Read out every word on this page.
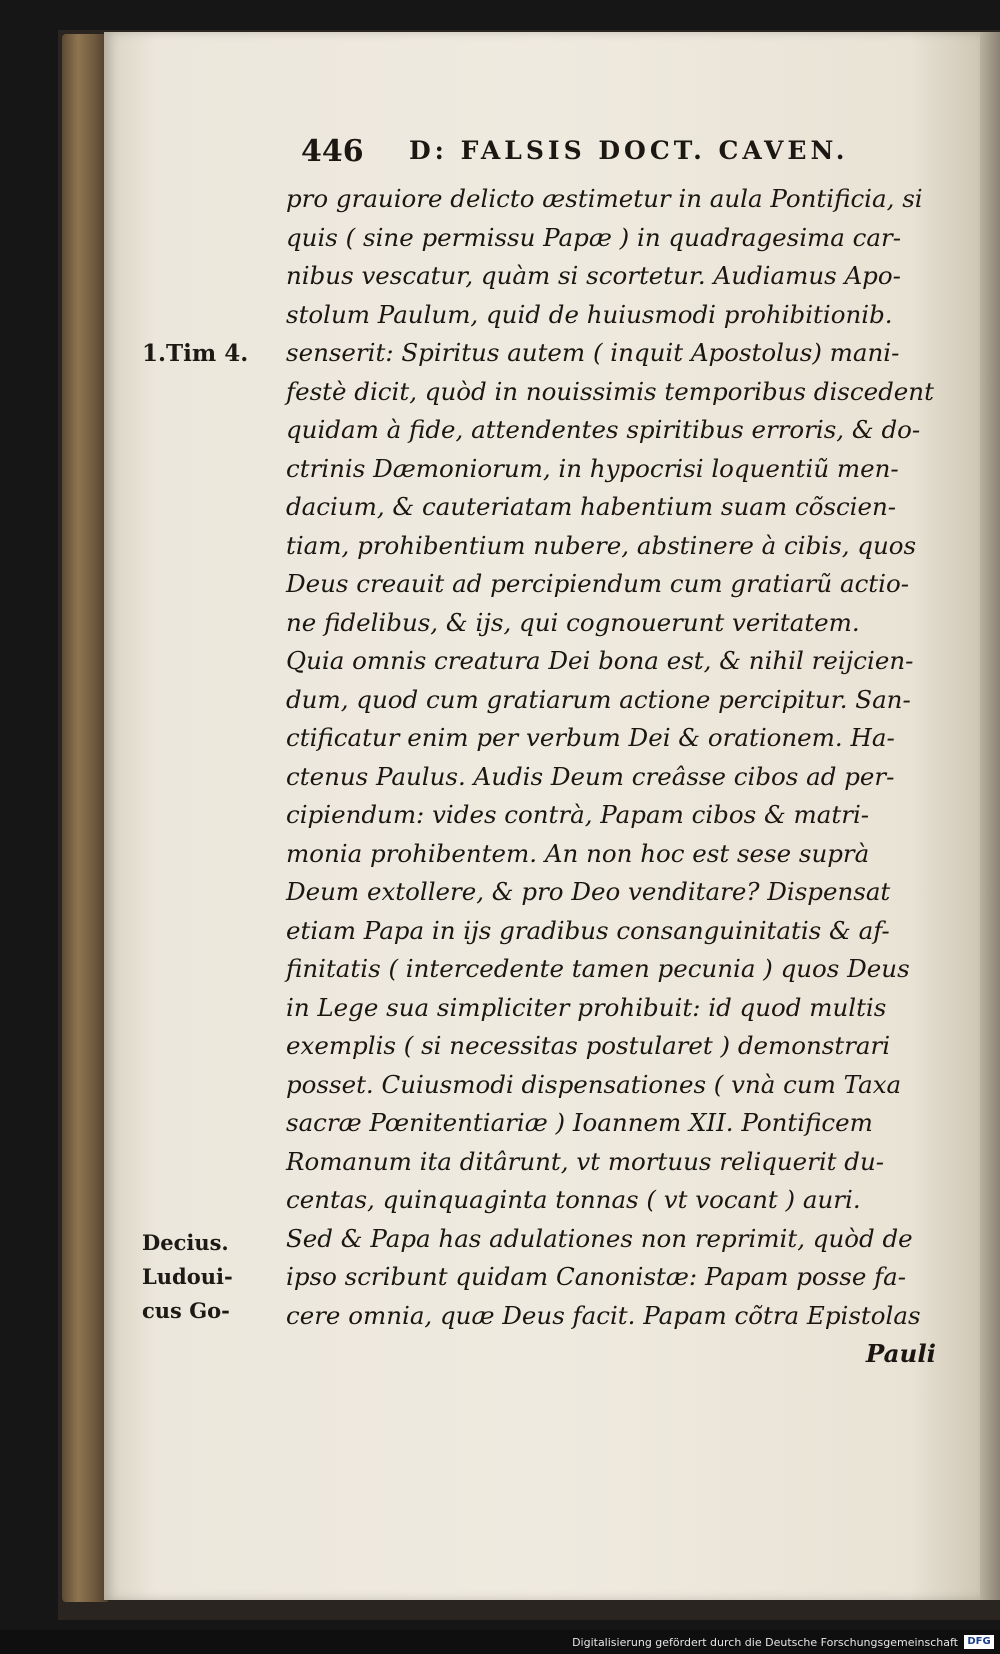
446 D: FALSIS DOCT. CAVEN.
1.Tim 4.
Decius.
Ludoui-
cus Go-
pro grauiore delicto æstimetur in aula Pontificia, si
quis ( sine permissu Papæ ) in quadragesima car-
nibus vescatur, quàm si scortetur. Audiamus Apo-
stolum Paulum, quid de huiusmodi prohibitionib.
senserit: Spiritus autem ( inquit Apostolus) mani-
festè dicit, quòd in nouissimis temporibus discedent
quidam à fide, attendentes spiritibus erroris, & do-
ctrinis Dæmoniorum, in hypocrisi loquentiũ men-
dacium, & cauteriatam habentium suam cõscien-
tiam, prohibentium nubere, abstinere à cibis, quos
Deus creauit ad percipiendum cum gratiarũ actio-
ne fidelibus, & ijs, qui cognouerunt veritatem.
Quia omnis creatura Dei bona est, & nihil reijcien-
dum, quod cum gratiarum actione percipitur. San-
ctificatur enim per verbum Dei & orationem. Ha-
ctenus Paulus. Audis Deum creâsse cibos ad per-
cipiendum: vides contrà, Papam cibos & matri-
monia prohibentem. An non hoc est sese suprà
Deum extollere, & pro Deo venditare? Dispensat
etiam Papa in ijs gradibus consanguinitatis & af-
finitatis ( intercedente tamen pecunia ) quos Deus
in Lege sua simpliciter prohibuit: id quod multis
exemplis ( si necessitas postularet ) demonstrari
posset. Cuiusmodi dispensationes ( vnà cum Taxa
sacræ Pœnitentiariæ ) Ioannem XII. Pontificem
Romanum ita ditârunt, vt mortuus reliquerit du-
centas, quinquaginta tonnas ( vt vocant ) auri.
Sed & Papa has adulationes non reprimit, quòd de
ipso scribunt quidam Canonistæ: Papam posse fa-
cere omnia, quæ Deus facit. Papam cõtra Epistolas
Pauli
Digitalisierung gefördert durch die Deutsche Forschungsgemeinschaft DFG
